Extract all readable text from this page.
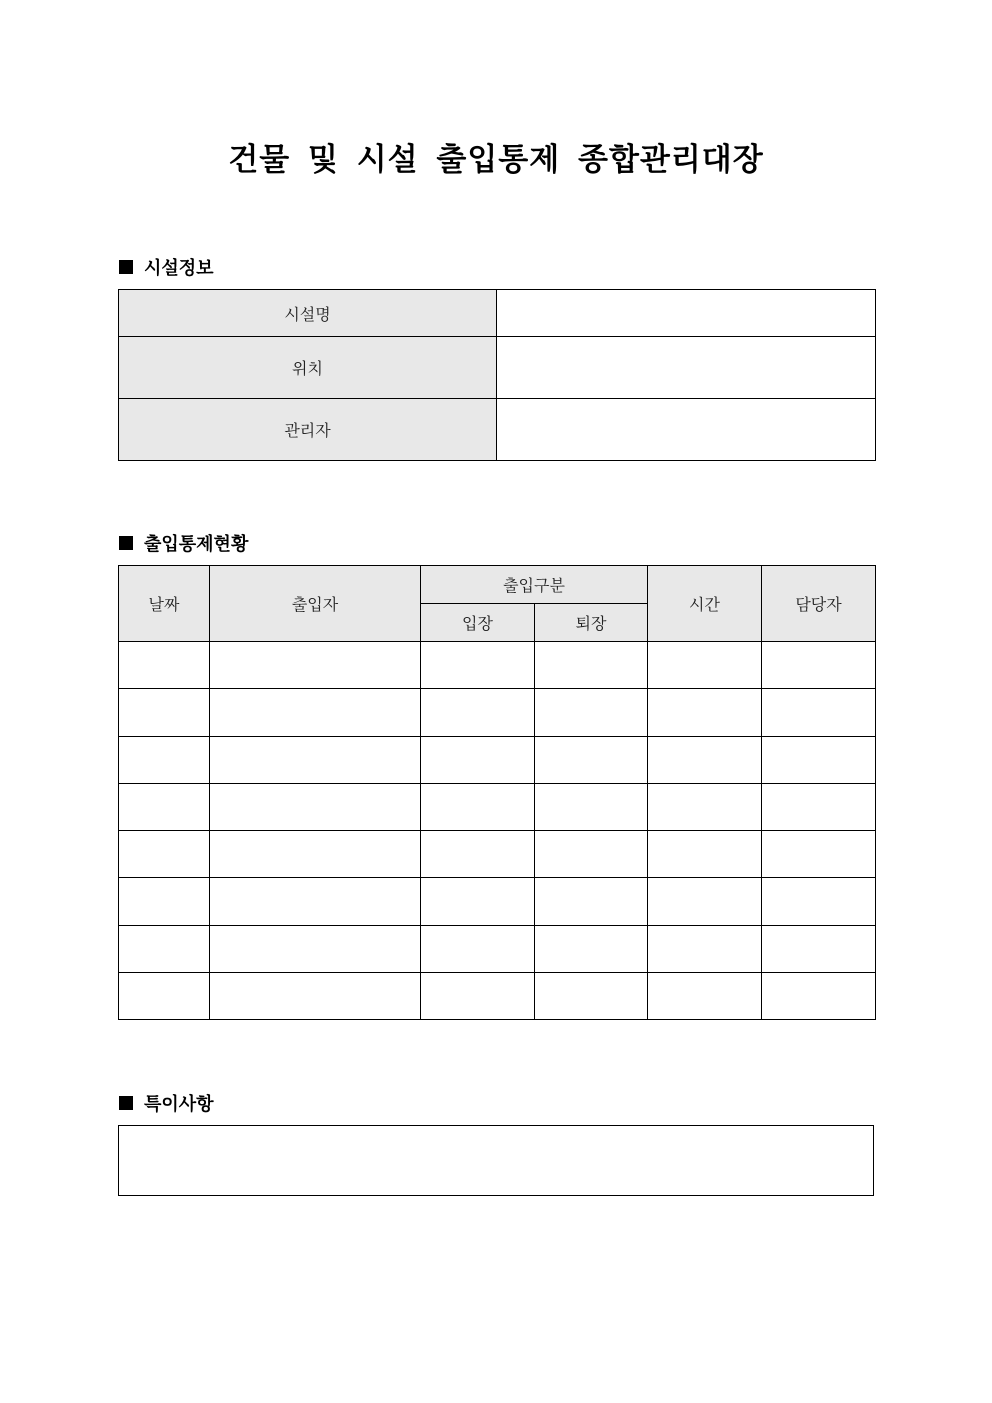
건물 및 시설 출입통제 종합관리대장
시설정보
시설명	
위치	
관리자	
출입통제현황
날짜	출입자	출입구분		시간	담당자
		입장	퇴장		

특이사항
